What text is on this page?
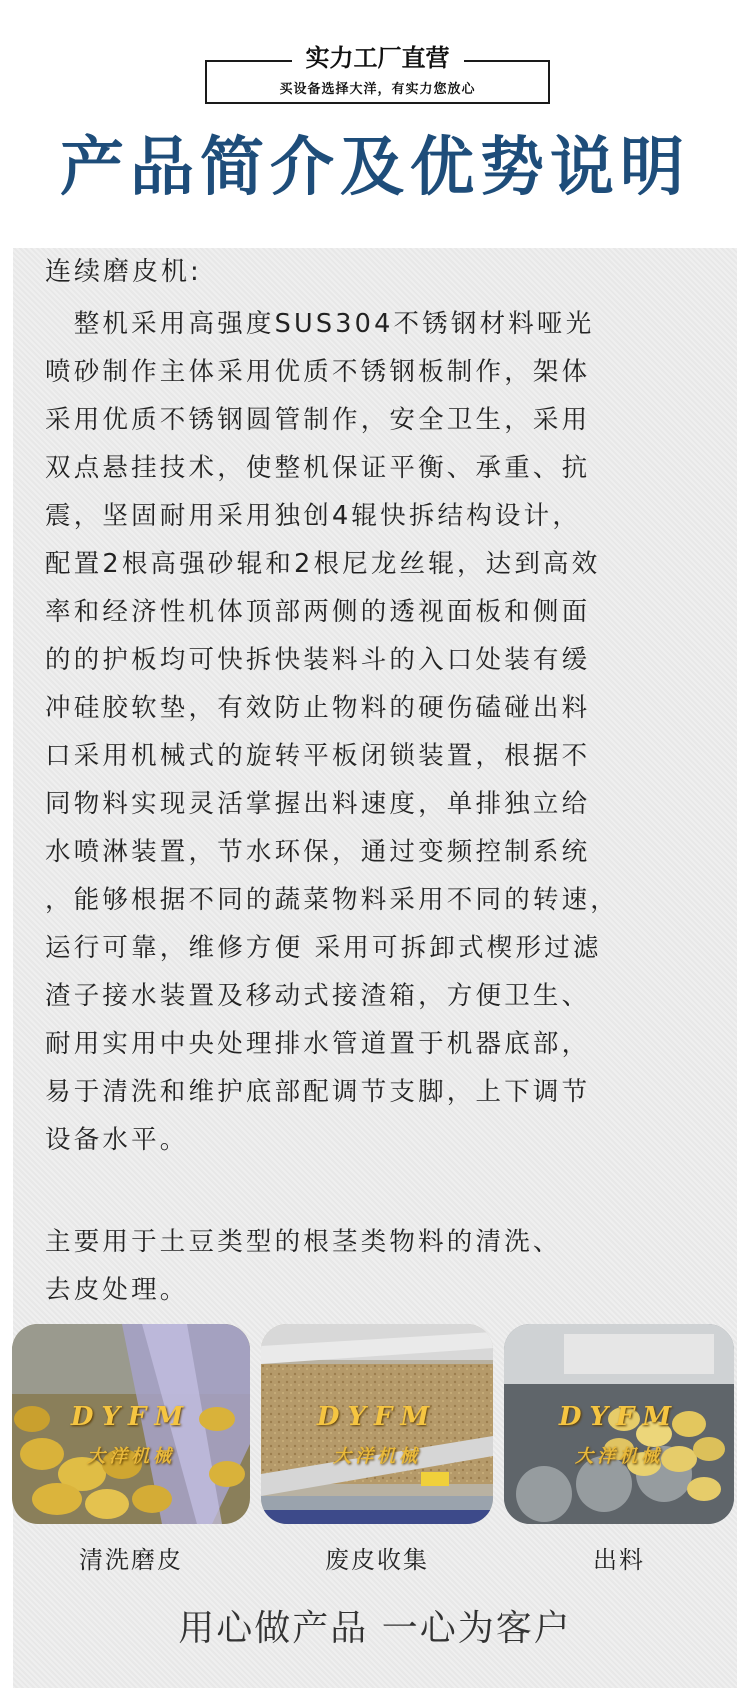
实力工厂直营
买设备选择大洋，有实力您放心
产品简介及优势说明
连续磨皮机:
　整机采用高强度SUS304不锈钢材料哑光
喷砂制作主体采用优质不锈钢板制作，架体
采用优质不锈钢圆管制作，安全卫生，采用
双点悬挂技术，使整机保证平衡、承重、抗
震，坚固耐用采用独创4辊快拆结构设计，
配置2根高强砂辊和2根尼龙丝辊，达到高效
率和经济性机体顶部两侧的透视面板和侧面
的的护板均可快拆快装料斗的入口处装有缓
冲硅胶软垫，有效防止物料的硬伤磕碰出料
口采用机械式的旋转平板闭锁装置，根据不
同物料实现灵活掌握出料速度，单排独立给
水喷淋装置，节水环保，通过变频控制系统
，能够根据不同的蔬菜物料采用不同的转速，
运行可靠，维修方便 采用可拆卸式楔形过滤
渣子接水装置及移动式接渣箱，方便卫生、
耐用实用中央处理排水管道置于机器底部，
易于清洗和维护底部配调节支脚，上下调节
设备水平。
主要用于土豆类型的根茎类物料的清洗、
去皮处理。
DYFM
大洋机械
DYFM
大洋机械
DYFM
大洋机械
清洗磨皮	废皮收集	出料
用心做产品 一心为客户
